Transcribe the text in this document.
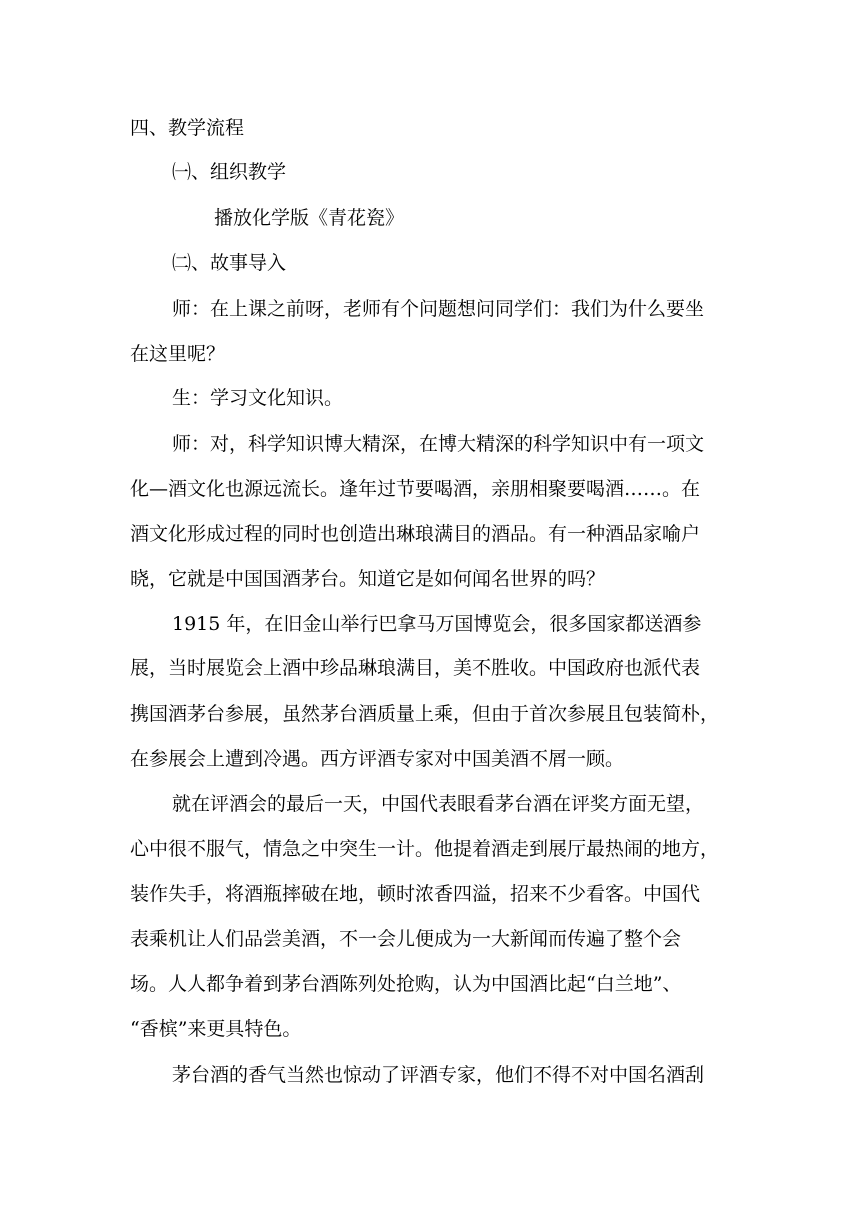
四、教学流程
㈠、组织教学
播放化学版《青花瓷》
㈡、故事导入
师：在上课之前呀，老师有个问题想问同学们：我们为什么要坐
在这里呢？
生：学习文化知识。
师：对，科学知识博大精深，在博大精深的科学知识中有一项文
化—酒文化也源远流长。逢年过节要喝酒，亲朋相聚要喝酒……。在
酒文化形成过程的同时也创造出琳琅满目的酒品。有一种酒品家喻户
晓，它就是中国国酒茅台。知道它是如何闻名世界的吗？
1915 年，在旧金山举行巴拿马万国博览会，很多国家都送酒参
展，当时展览会上酒中珍品琳琅满目，美不胜收。中国政府也派代表
携国酒茅台参展，虽然茅台酒质量上乘，但由于首次参展且包装简朴，
在参展会上遭到冷遇。西方评酒专家对中国美酒不屑一顾。
就在评酒会的最后一天，中国代表眼看茅台酒在评奖方面无望，
心中很不服气，情急之中突生一计。他提着酒走到展厅最热闹的地方，
装作失手，将酒瓶摔破在地，顿时浓香四溢，招来不少看客。中国代
表乘机让人们品尝美酒，不一会儿便成为一大新闻而传遍了整个会
场。人人都争着到茅台酒陈列处抢购，认为中国酒比起“白兰地”、
“香槟”来更具特色。
茅台酒的香气当然也惊动了评酒专家，他们不得不对中国名酒刮
